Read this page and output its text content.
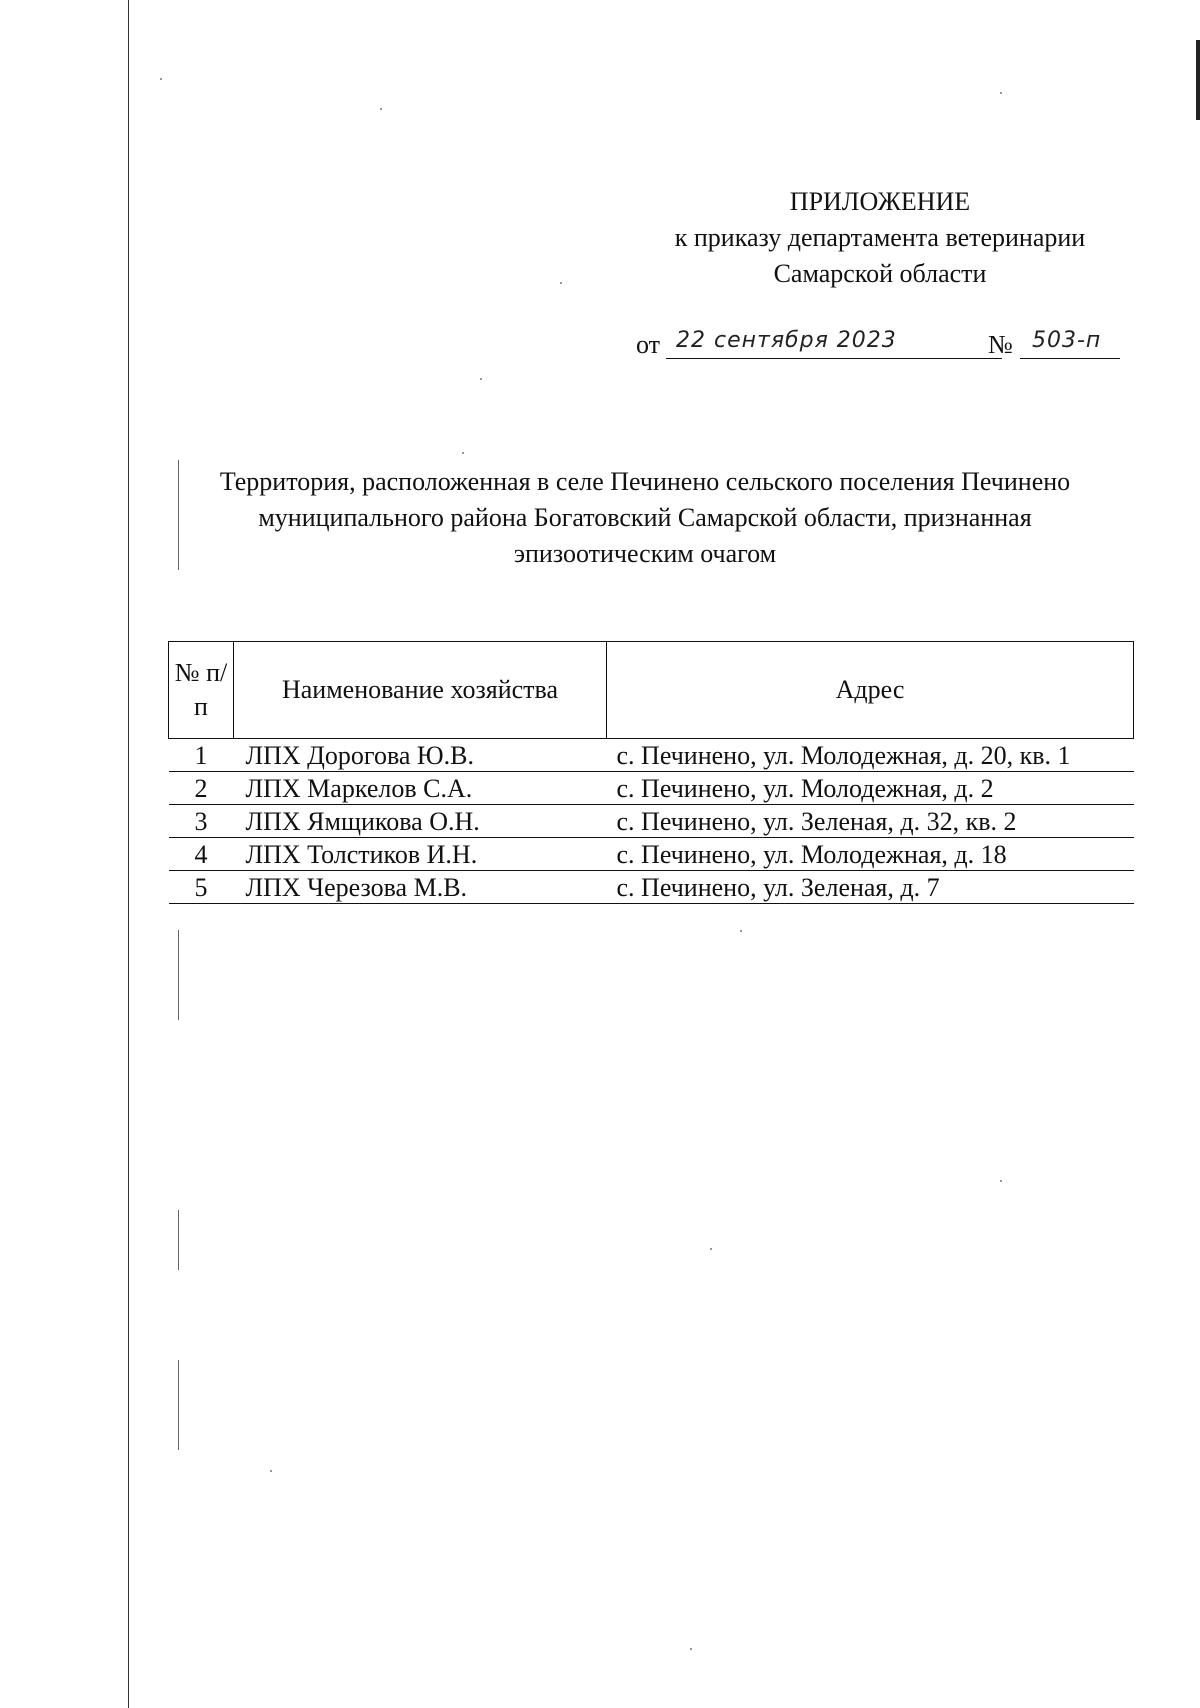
ПРИЛОЖЕНИЕ
к приказу департамента ветеринарии
Самарской области
от 22 сентября 2023	№ 503-п
Территория, расположенная в селе Печинено сельского поселения Печинено муниципального района Богатовский Самарской области, признанная эпизоотическим очагом
№ п/п	Наименование хозяйства	Адрес
1	ЛПХ Дорогова Ю.В.	с. Печинено, ул. Молодежная, д. 20, кв. 1
2	ЛПХ Маркелов С.А.	с. Печинено, ул. Молодежная, д. 2
3	ЛПХ Ямщикова О.Н.	с. Печинено, ул. Зеленая, д. 32, кв. 2
4	ЛПХ Толстиков И.Н.	с. Печинено, ул. Молодежная, д. 18
5	ЛПХ Черезова М.В.	с. Печинено, ул. Зеленая, д. 7
